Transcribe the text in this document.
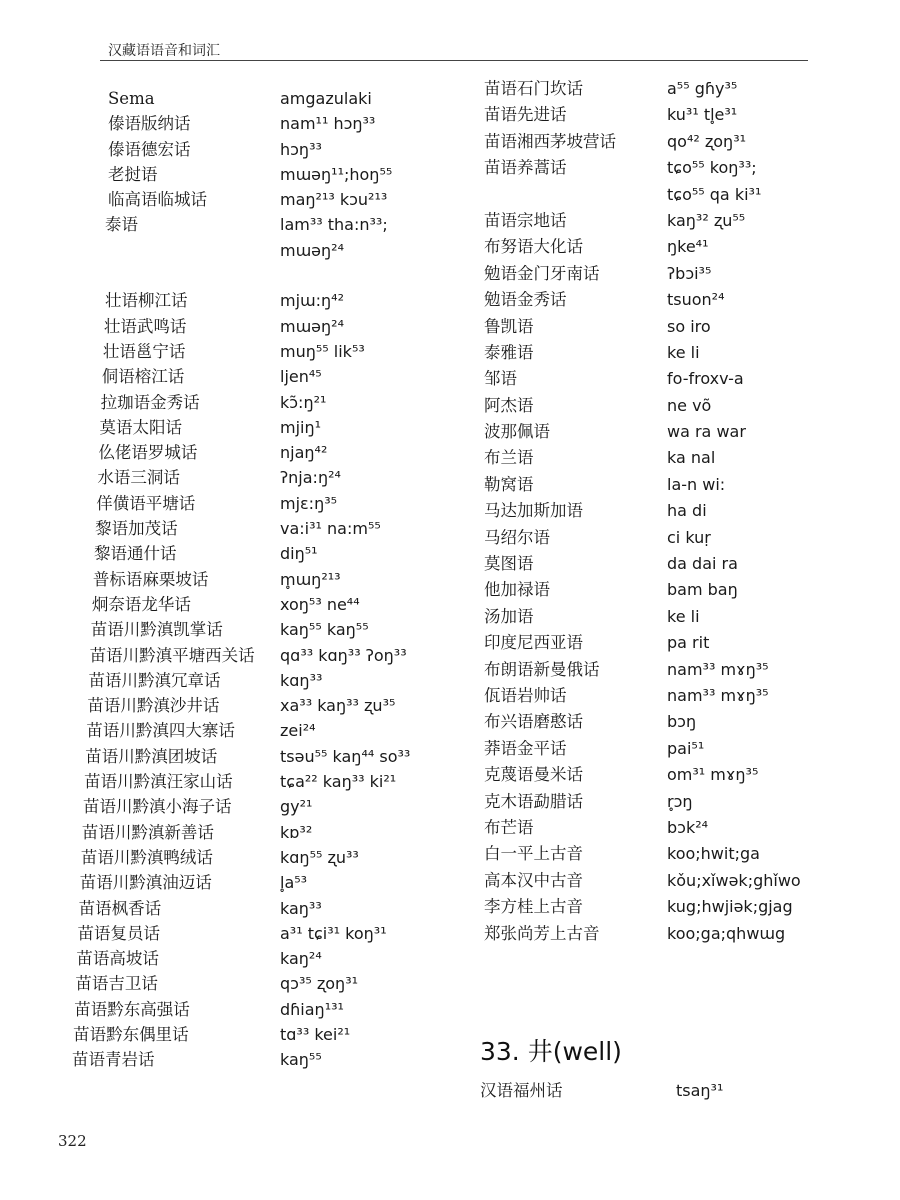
汉藏语语音和词汇
Sema	amgazulaki
傣语版纳话	nam¹¹ hɔŋ³³
傣语德宏话	hɔŋ³³
老挝语	mɯəŋ¹¹;hoŋ⁵⁵
临高语临城话	maŋ²¹³ kɔu²¹³
泰语	lam³³ tha:n³³;
mɯəŋ²⁴
壮语柳江话	mjɯ:ŋ⁴²
壮语武鸣话	mɯəŋ²⁴
壮语邕宁话	muŋ⁵⁵ lik⁵³
侗语榕江话	ljen⁴⁵
拉珈语金秀话	kɔ̃:ŋ²¹
莫语太阳话	mjiŋ¹
仫佬语罗城话	njaŋ⁴²
水语三洞话	ʔnja:ŋ²⁴
佯僙语平塘话	mjɛ:ŋ³⁵
黎语加茂话	va:i³¹ na:m⁵⁵
黎语通什话	diŋ⁵¹
普标语麻栗坡话	m̥ɯŋ²¹³
炯奈语龙华话	xoŋ⁵³ ne⁴⁴
苗语川黔滇凯掌话	kaŋ⁵⁵ kaŋ⁵⁵
苗语川黔滇平塘西关话 qɑ³³ kɑŋ³³ ʔoŋ³³
苗语川黔滇冗章话	kɑŋ³³
苗语川黔滇沙井话	xa³³ kaŋ³³ ʐu³⁵
苗语川黔滇四大寨话	zei²⁴
苗语川黔滇团坡话	tsəu⁵⁵ kaŋ⁴⁴ so³³
苗语川黔滇汪家山话	tɕa²² kaŋ³³ ki²¹
苗语川黔滇小海子话	gy²¹
苗语川黔滇新善话	kɒ³²
苗语川黔滇鸭绒话	kɑŋ⁵⁵ ʐu³³
苗语川黔滇油迈话	l̥a⁵³
苗语枫香话	kaŋ³³
苗语复员话	a³¹ tɕi³¹ koŋ³¹
苗语高坡话	kaŋ²⁴
苗语吉卫话	qɔ³⁵ ʐoŋ³¹
苗语黔东高强话	dɦiaŋ¹³¹
苗语黔东偶里话	tɑ³³ kei²¹
苗语青岩话	kaŋ⁵⁵
苗语石门坎话	a⁵⁵ gɦy³⁵
苗语先进话	ku³¹ tl̥e³¹
苗语湘西茅坡营话	qo⁴² ʐoŋ³¹
苗语养蒿话	tɕo⁵⁵ koŋ³³;
tɕo⁵⁵ qa ki³¹
苗语宗地话	kaŋ³² ʐu⁵⁵
布努语大化话	ŋke⁴¹
勉语金门牙南话	ʔbɔi³⁵
勉语金秀话	tsuon²⁴
鲁凯语	so iro
泰雅语	ke li
邹语	fo-froxv-a
阿杰语	ne võ
波那佩语	wa ra war
布兰语	ka nal
勒窝语	la-n wi:
马达加斯加语	ha di
马绍尔语	ci kuṛ
莫图语	da dai ra
他加禄语	bam baŋ
汤加语	ke li
印度尼西亚语	pa rit
布朗语新曼俄话	nam³³ mɤŋ³⁵
佤语岩帅话	nam³³ mɤŋ³⁵
布兴语磨憨话	bɔŋ
莽语金平话	pai⁵¹
克蔑语曼米话	om³¹ mɤŋ³⁵
克木语勐腊话	r̥ɔŋ
布芒语	bɔk²⁴
白一平上古音	koo;hwit;ga
高本汉中古音	kǒu;xǐwək;ghǐwo
李方桂上古音	kug;hwjiək;gjag
郑张尚芳上古音	koo;ga;qhwɯg
33. 井(well)
汉语福州话	tsaŋ³¹
322
